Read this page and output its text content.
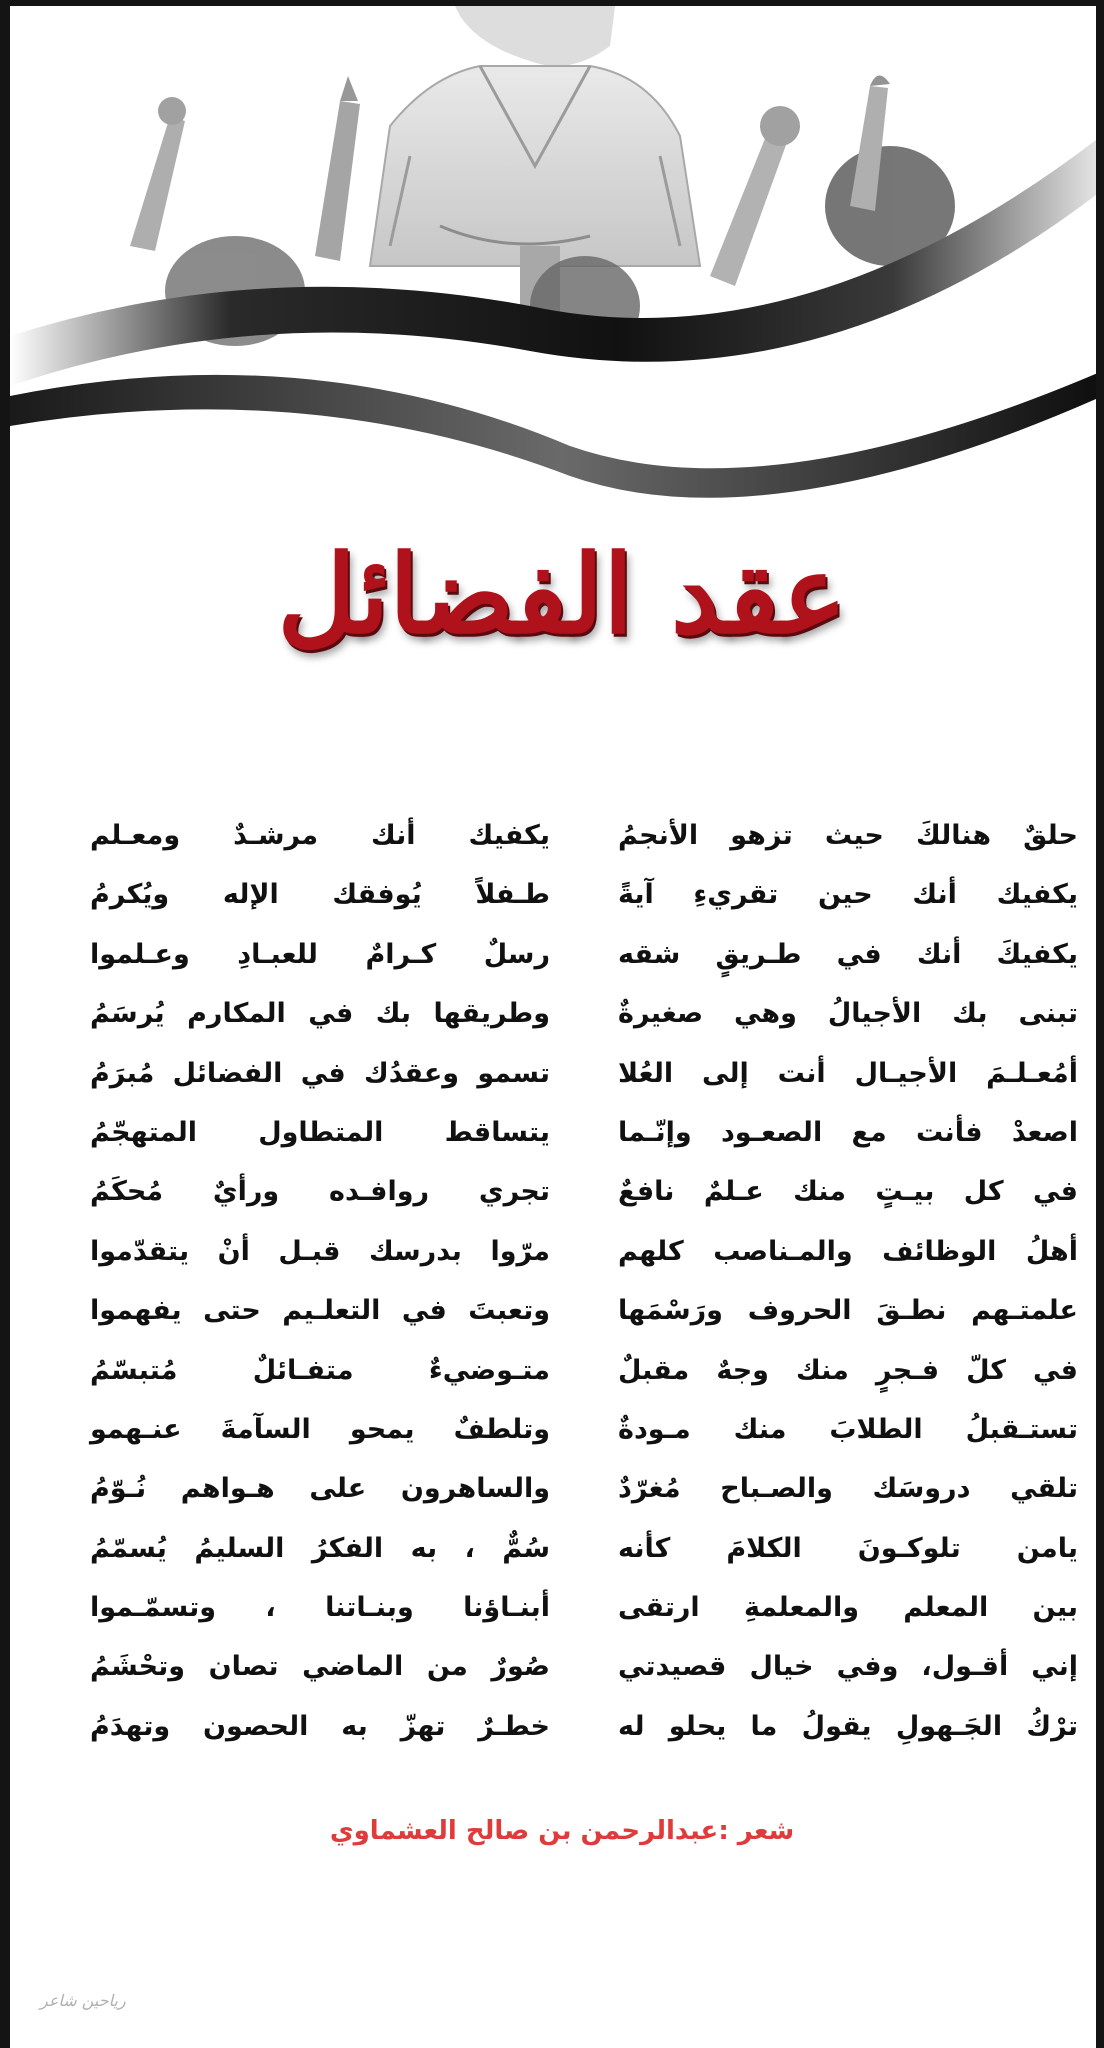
عقد الفضائل
حلقٌ هنالكَ حيث تزهو الأنجمُ
يكفيك أنك حين تقريءِ آيةً
يكفيكَ أنك في طـريقٍ شقه
تبنى بك الأجيالُ وهي صغيرةٌ
أمُعـلـمَ الأجيـال أنت إلى العُلا
اصعدْ فأنت مع الصعـود وإنّـما
في كل بيـتٍ منك عـلمٌ نافعٌ
أهلُ الوظائف والمـناصب كلهم
علمتـهم نطـقَ الحروف ورَسْمَها
في كلّ فـجرٍ منك وجهٌ مقبلٌ
تستـقبلُ الطلابَ منك مـودةٌ
تلقي دروسَك والصـباح مُغرّدٌ
يامن تلوكـونَ الكلامَ كأنه
بين المعلم والمعلمةِ ارتقى
إني أقـول، وفي خيال قصيدتي
ترْكُ الجَـهولِ يقولُ ما يحلو له
يكفيك أنك مرشـدٌ ومعـلم
طـفلاً يُوفقك الإله ويُكرمُ
رسلٌ كـرامٌ للعبـادِ وعـلموا
وطريقها بك في المكارم يُرسَمُ
تسمو وعقدُك في الفضائل مُبرَمُ
يتساقط المتطاول المتهجّمُ
تجري روافـده ورأيٌ مُحكَمُ
مرّوا بدرسك قبـل أنْ يتقدّموا
وتعبتَ في التعلـيم حتى يفهموا
متـوضيءٌ متفـائلٌ مُتبسّمُ
وتلطفٌ يمحو السآمةَ عنـهمو
والساهرون على هـواهم نُـوّمُ
سُمٌّ ، به الفكرُ السليمُ يُسمّمُ
أبنـاؤنا وبنـاتنا ، وتسمّـموا
صُورٌ من الماضي تصان وتحْشَمُ
خطـرٌ تهزّ به الحصون وتهدَمُ
شعر :عبدالرحمن بن صالح العشماوي
رياحين شاعر
